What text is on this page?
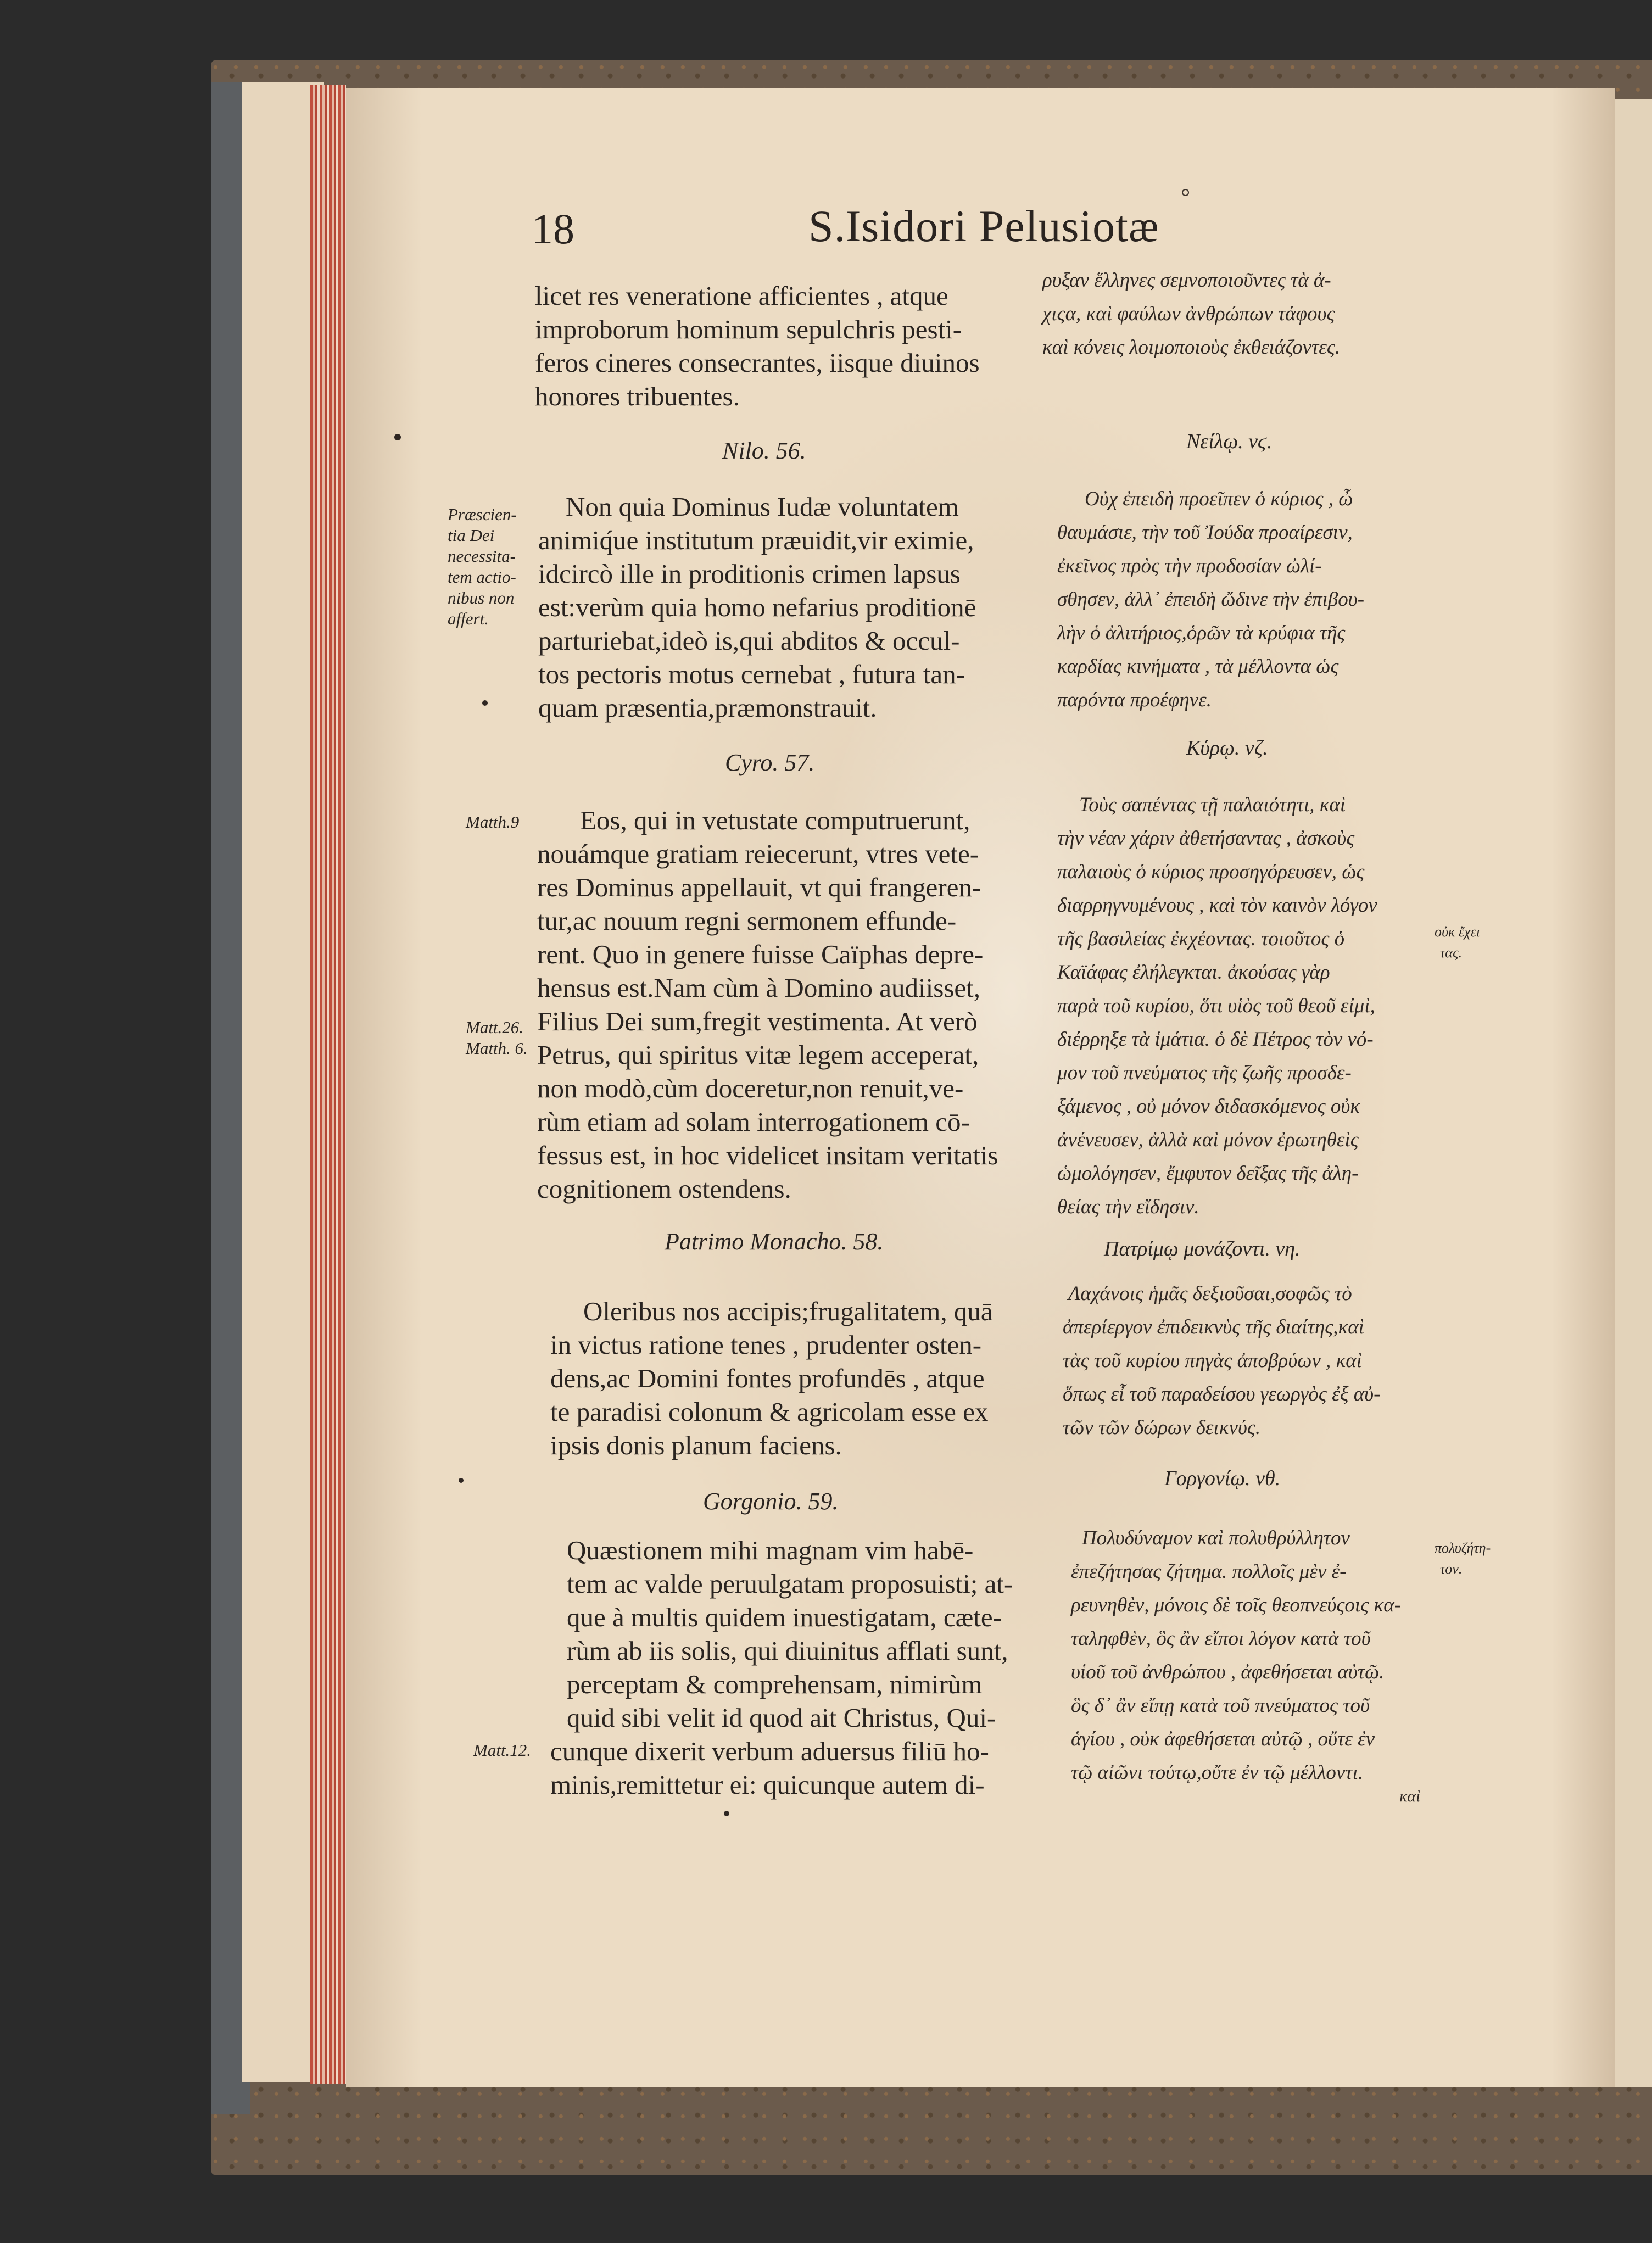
18	S.Isidori Pelusiotæ
licet res veneratione afficientes , atque
improborum hominum sepulchris pesti-
feros cineres consecrantes, iisque diuinos
honores tribuentes.
Nilo. 56.
Non quia Dominus Iudæ voluntatem
animiq́ue institutum præuidit,vir eximie,
idcircò ille in proditionis crimen lapsus
est:verùm quia homo nefarius proditionē
parturiebat,ideò is,qui abditos & occul-
tos pectoris motus cernebat , futura tan-
quam præsentia,præmonstrauit.
Cyro. 57.
Eos, qui in vetustate computruerunt,
nouámque gratiam reiecerunt, vtres vete-
res Dominus appellauit, vt qui frangeren-
tur,ac nouum regni sermonem effunde-
rent. Quo in genere fuisse Caïphas depre-
hensus est.Nam cùm à Domino audiisset,
Filius Dei sum,fregit vestimenta. At verò
Petrus, qui spiritus vitæ legem acceperat,
non modò,cùm doceretur,non renuit,ve-
rùm etiam ad solam interrogationem cō-
fessus est, in hoc videlicet insitam veritatis
cognitionem ostendens.
Patrimo Monacho. 58.
Oleribus nos accipis;frugalitatem, quā
in victus ratione tenes , prudenter osten-
dens,ac Domini fontes profundēs , atque
te paradisi colonum & agricolam esse ex
ipsis donis planum faciens.
Gorgonio. 59.
Quæstionem mihi magnam vim habē-
tem ac valde peruulgatam proposuisti; at-
que à multis quidem inuestigatam, cæte-
rùm ab iis solis, qui diuinitus afflati sunt,
perceptam & comprehensam, nimirùm
quid sibi velit id quod ait Christus, Qui-
cunque dixerit verbum aduersus filiū ho-
minis,remittetur ei: quicunque autem di-
ρυξαν ἕλληνες σεμνοποιοῦντες τὰ ἀ-
χιςα, καὶ φαύλων ἀνθρώπων τάφους
καὶ κόνεις λοιμοποιοὺς ἐκθειάζοντες.
Νείλῳ. νϛ.
Οὐχ ἐπειδὴ προεῖπεν ὁ κύριος , ὦ
θαυμάσιε, τὴν τοῦ Ἰούδα προαίρεσιν,
ἐκεῖνος πρὸς τὴν προδοσίαν ὠλί-
σθησεν, ἀλλ᾽ ἐπειδὴ ὤδινε τὴν ἐπιβου-
λὴν ὁ ἀλιτήριος,ὁρῶν τὰ κρύφια τῆς
καρδίας κινήματα , τὰ μέλλοντα ὡς
παρόντα προέφηνε.
Κύρῳ. νζ.
Τοὺς σαπέντας τῇ παλαιότητι, καὶ
τὴν νέαν χάριν ἀθετήσαντας , ἀσκοὺς
παλαιοὺς ὁ κύριος προσηγόρευσεν, ὡς
διαρρηγνυμένους , καὶ τὸν καινὸν λόγον
τῆς βασιλείας ἐκχέοντας. τοιοῦτος ὁ
Καϊάφας ἐλήλεγκται. ἀκούσας γὰρ
παρὰ τοῦ κυρίου, ὅτι υἱὸς τοῦ θεοῦ εἰμὶ,
διέρρηξε τὰ ἱμάτια. ὁ δὲ Πέτρος τὸν νό-
μον τοῦ πνεύματος τῆς ζωῆς προσδε-
ξάμενος , οὐ μόνον διδασκόμενος οὐκ
ἀνένευσεν, ἀλλὰ καὶ μόνον ἐρωτηθεὶς
ὡμολόγησεν, ἔμφυτον δεῖξας τῆς ἀλη-
θείας τὴν εἴδησιν.
Πατρίμῳ μονάζοντι. νη.
Λαχάνοις ἡμᾶς δεξιοῦσαι,σοφῶς τὸ
ἀπερίεργον ἐπιδεικνὺς τῆς διαίτης,καὶ
τὰς τοῦ κυρίου πηγὰς ἀποβρύων , καὶ
ὅπως εἶ τοῦ παραδείσου γεωργὸς ἐξ αὐ-
τῶν τῶν δώρων δεικνύς.
Γοργονίῳ. νθ.
Πολυδύναμον καὶ πολυθρύλλητον
ἐπεζήτησας ζήτημα. πολλοῖς μὲν ἐ-
ρευνηθὲν, μόνοις δὲ τοῖς θεοπνεύςοις κα-
ταληφθὲν, ὃς ἂν εἴποι λόγον κατὰ τοῦ
υἱοῦ τοῦ ἀνθρώπου , ἀφεθήσεται αὐτῷ.
ὃς δ᾽ ἂν εἴπῃ κατὰ τοῦ πνεύματος τοῦ
ἁγίου , οὐκ ἀφεθήσεται αὐτῷ , οὔτε ἐν
τῷ αἰῶνι τούτῳ,οὔτε ἐν τῷ μέλλοντι.
καὶ
Præscien-
tia Dei
necessita-
tem actio-
nibus non
affert.
Matth.9
Matt.26.
Matth. 6.
Matt.12.
οὐκ ἔχει
τας.
πολυζήτη-
τον.
